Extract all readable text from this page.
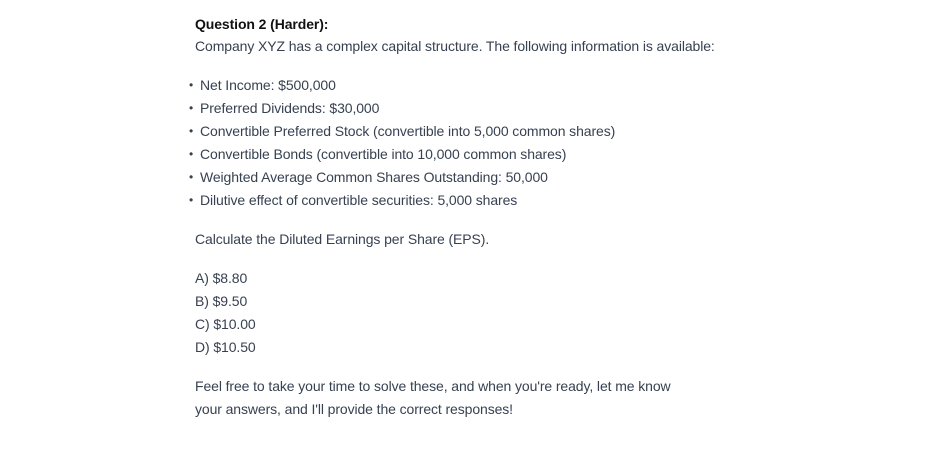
Question 2 (Harder):

Company XYZ has a complex capital structure. The following information is available:

• Net Income: $500,000
• Preferred Dividends: $30,000
• Convertible Preferred Stock (convertible into 5,000 common shares)
• Convertible Bonds (convertible into 10,000 common shares)
• Weighted Average Common Shares Outstanding: 50,000
• Dilutive effect of convertible securities: 5,000 shares

Calculate the Diluted Earnings per Share (EPS).

A) $8.80
B) $9.50
C) $10.00
D) $10.50

Feel free to take your time to solve these, and when you're ready, let me know your answers, and I'll provide the correct responses!
